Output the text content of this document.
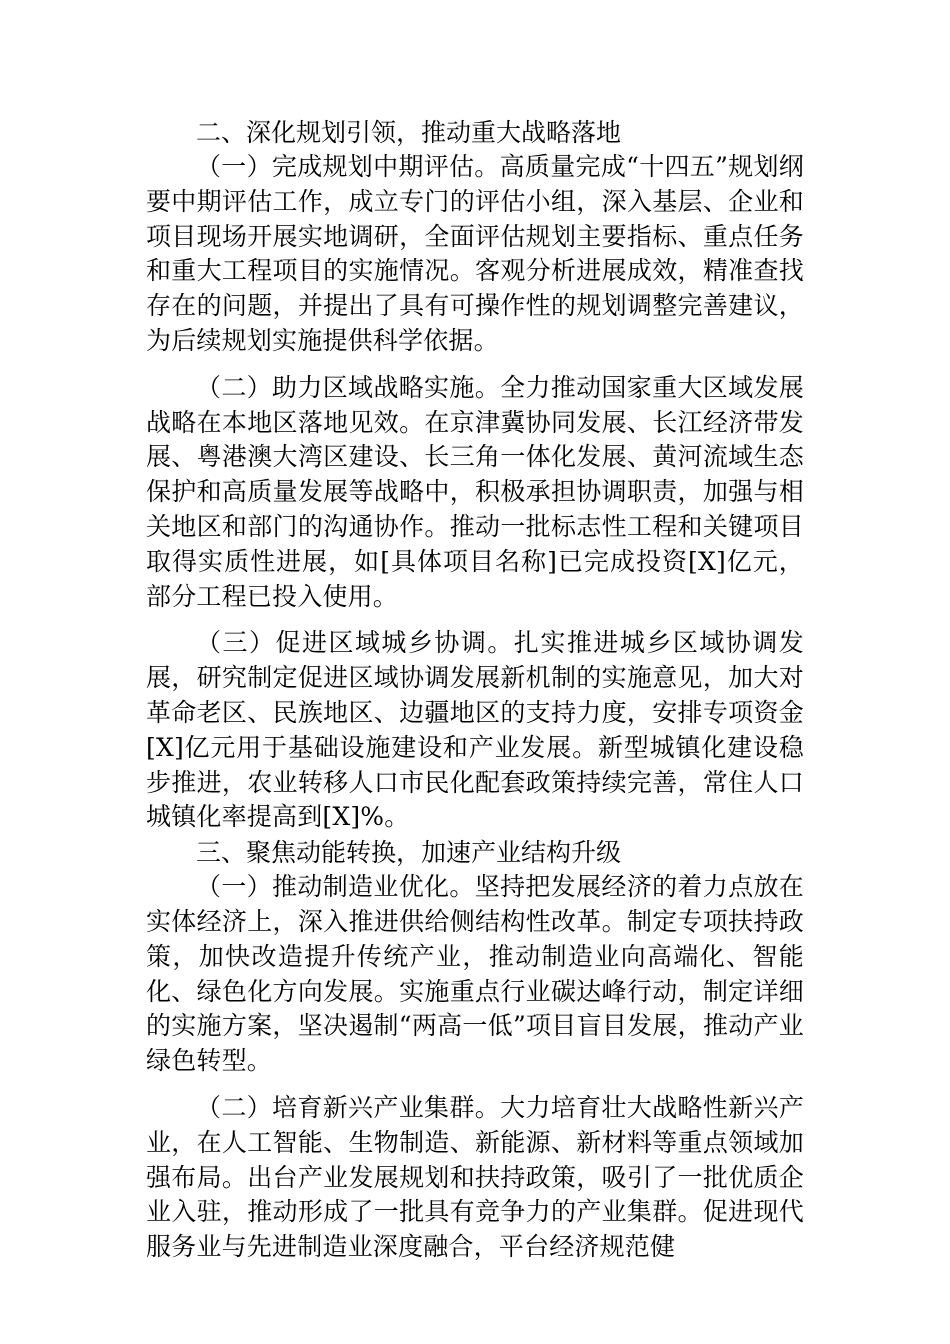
二、深化规划引领，推动重大战略落地

（一）完成规划中期评估。高质量完成“十四五”规划纲要中期评估工作，成立专门的评估小组，深入基层、企业和项目现场开展实地调研，全面评估规划主要指标、重点任务和重大工程项目的实施情况。客观分析进展成效，精准查找存在的问题，并提出了具有可操作性的规划调整完善建议，为后续规划实施提供科学依据。

（二）助力区域战略实施。全力推动国家重大区域发展战略在本地区落地见效。在京津冀协同发展、长江经济带发展、粤港澳大湾区建设、长三角一体化发展、黄河流域生态保护和高质量发展等战略中，积极承担协调职责，加强与相关地区和部门的沟通协作。推动一批标志性工程和关键项目取得实质性进展，如[具体项目名称]已完成投资[X]亿元，部分工程已投入使用。

（三）促进区域城乡协调。扎实推进城乡区域协调发展，研究制定促进区域协调发展新机制的实施意见，加大对革命老区、民族地区、边疆地区的支持力度，安排专项资金[X]亿元用于基础设施建设和产业发展。新型城镇化建设稳步推进，农业转移人口市民化配套政策持续完善，常住人口城镇化率提高到[X]%。

三、聚焦动能转换，加速产业结构升级

（一）推动制造业优化。坚持把发展经济的着力点放在实体经济上，深入推进供给侧结构性改革。制定专项扶持政策，加快改造提升传统产业，推动制造业向高端化、智能化、绿色化方向发展。实施重点行业碳达峰行动，制定详细的实施方案，坚决遏制“两高一低”项目盲目发展，推动产业绿色转型。

（二）培育新兴产业集群。大力培育壮大战略性新兴产业，在人工智能、生物制造、新能源、新材料等重点领域加强布局。出台产业发展规划和扶持政策，吸引了一批优质企业入驻，推动形成了一批具有竞争力的产业集群。促进现代服务业与先进制造业深度融合，平台经济规范健
